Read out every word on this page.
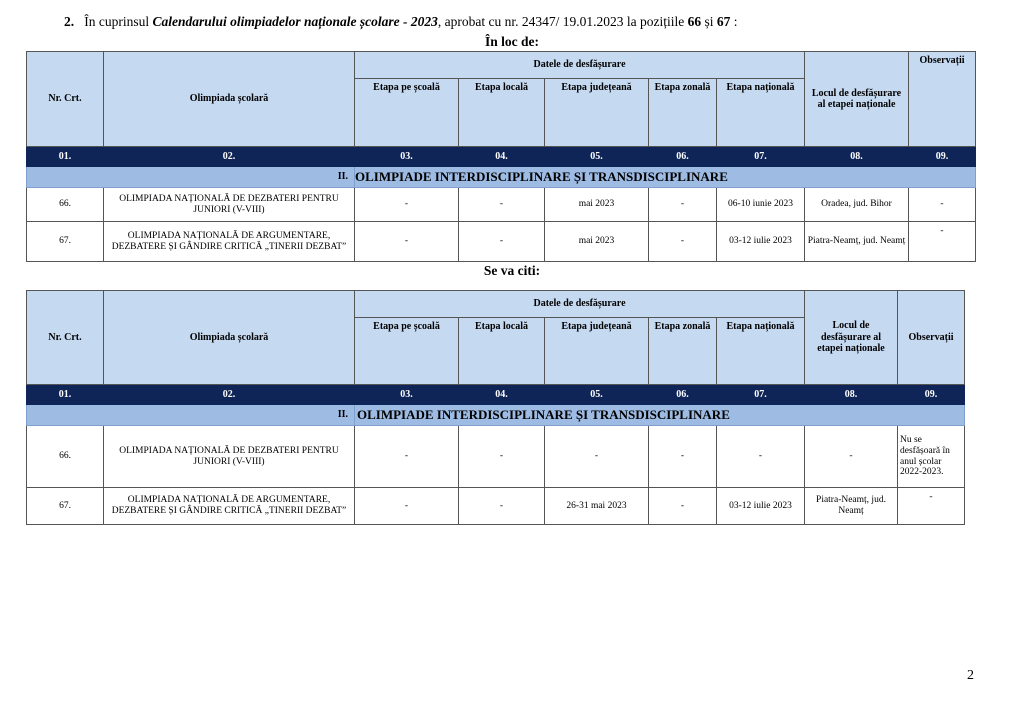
2. În cuprinsul Calendarului olimpiadelor naționale școlare - 2023, aprobat cu nr. 24347/ 19.01.2023 la pozițiile 66 și 67 :
În loc de:
Nr. Crt.	Olimpiada școlară	Datele de desfășurare					Locul de desfășurare al etapei naționale	Observații
		Etapa pe școală	Etapa locală	Etapa județeană	Etapa zonală	Etapa națională		
01.	02.	03.	04.	05.	06.	07.	08.	09.
II.		OLIMPIADE INTERDISCIPLINARE ȘI TRANSDISCIPLINARE						
66.	OLIMPIADA NAȚIONALĂ DE DEZBATERI PENTRU JUNIORI (V-VIII)	-	-	mai 2023	-	06-10 iunie 2023	Oradea, jud. Bihor	-
67.	OLIMPIADA NAȚIONALĂ DE ARGUMENTARE, DEZBATERE ȘI GÂNDIRE CRITICĂ „TINERII DEZBAT”	-	-	mai 2023	-	03-12 iulie 2023	Piatra-Neamț, jud. Neamț	-
Se va citi:
Nr. Crt.	Olimpiada școlară	Datele de desfășurare					Locul de desfășurare al etapei naționale	Observații
		Etapa pe școală	Etapa locală	Etapa județeană	Etapa zonală	Etapa națională		
01.	02.	03.	04.	05.	06.	07.	08.	09.
II.		OLIMPIADE INTERDISCIPLINARE ȘI TRANSDISCIPLINARE						
66.	OLIMPIADA NAȚIONALĂ DE DEZBATERI PENTRU JUNIORI (V-VIII)	-	-	-	-	-	-	Nu se desfășoară în anul școlar 2022-2023.
67.	OLIMPIADA NAȚIONALĂ DE ARGUMENTARE, DEZBATERE ȘI GÂNDIRE CRITICĂ „TINERII DEZBAT”	-	-	26-31 mai 2023	-	03-12 iulie 2023	Piatra-Neamț, jud. Neamț	-
2
